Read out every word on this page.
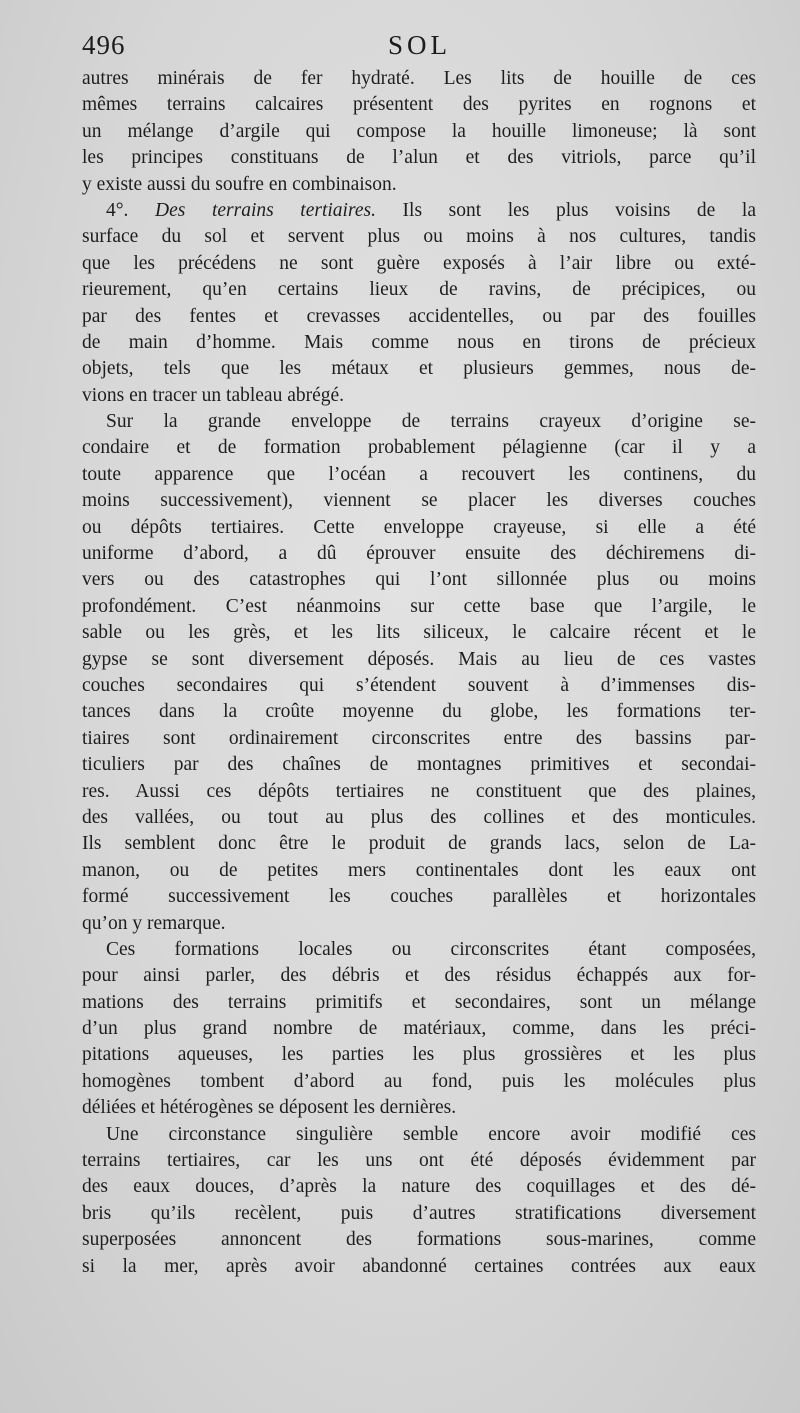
496	SOL
autres minérais de fer hydraté. Les lits de houille de ces
mêmes terrains calcaires présentent des pyrites en rognons et
un mélange d’argile qui compose la houille limoneuse; là sont
les principes constituans de l’alun et des vitriols, parce qu’il
y existe aussi du soufre en combinaison.
4°. Des terrains tertiaires. Ils sont les plus voisins de la
surface du sol et servent plus ou moins à nos cultures, tandis
que les précédens ne sont guère exposés à l’air libre ou exté-
rieurement, qu’en certains lieux de ravins, de précipices, ou
par des fentes et crevasses accidentelles, ou par des fouilles
de main d’homme. Mais comme nous en tirons de précieux
objets, tels que les métaux et plusieurs gemmes, nous de-
vions en tracer un tableau abrégé.
Sur la grande enveloppe de terrains crayeux d’origine se-
condaire et de formation probablement pélagienne (car il y a
toute apparence que l’océan a recouvert les continens, du
moins successivement), viennent se placer les diverses couches
ou dépôts tertiaires. Cette enveloppe crayeuse, si elle a été
uniforme d’abord, a dû éprouver ensuite des déchiremens di-
vers ou des catastrophes qui l’ont sillonnée plus ou moins
profondément. C’est néanmoins sur cette base que l’argile, le
sable ou les grès, et les lits siliceux, le calcaire récent et le
gypse se sont diversement déposés. Mais au lieu de ces vastes
couches secondaires qui s’étendent souvent à d’immenses dis-
tances dans la croûte moyenne du globe, les formations ter-
tiaires sont ordinairement circonscrites entre des bassins par-
ticuliers par des chaînes de montagnes primitives et secondai-
res. Aussi ces dépôts tertiaires ne constituent que des plaines,
des vallées, ou tout au plus des collines et des monticules.
Ils semblent donc être le produit de grands lacs, selon de La-
manon, ou de petites mers continentales dont les eaux ont
formé successivement les couches parallèles et horizontales
qu’on y remarque.
Ces formations locales ou circonscrites étant composées,
pour ainsi parler, des débris et des résidus échappés aux for-
mations des terrains primitifs et secondaires, sont un mélange
d’un plus grand nombre de matériaux, comme, dans les préci-
pitations aqueuses, les parties les plus grossières et les plus
homogènes tombent d’abord au fond, puis les molécules plus
déliées et hétérogènes se déposent les dernières.
Une circonstance singulière semble encore avoir modifié ces
terrains tertiaires, car les uns ont été déposés évidemment par
des eaux douces, d’après la nature des coquillages et des dé-
bris qu’ils recèlent, puis d’autres stratifications diversement
superposées annoncent des formations sous-marines, comme
si la mer, après avoir abandonné certaines contrées aux eaux
